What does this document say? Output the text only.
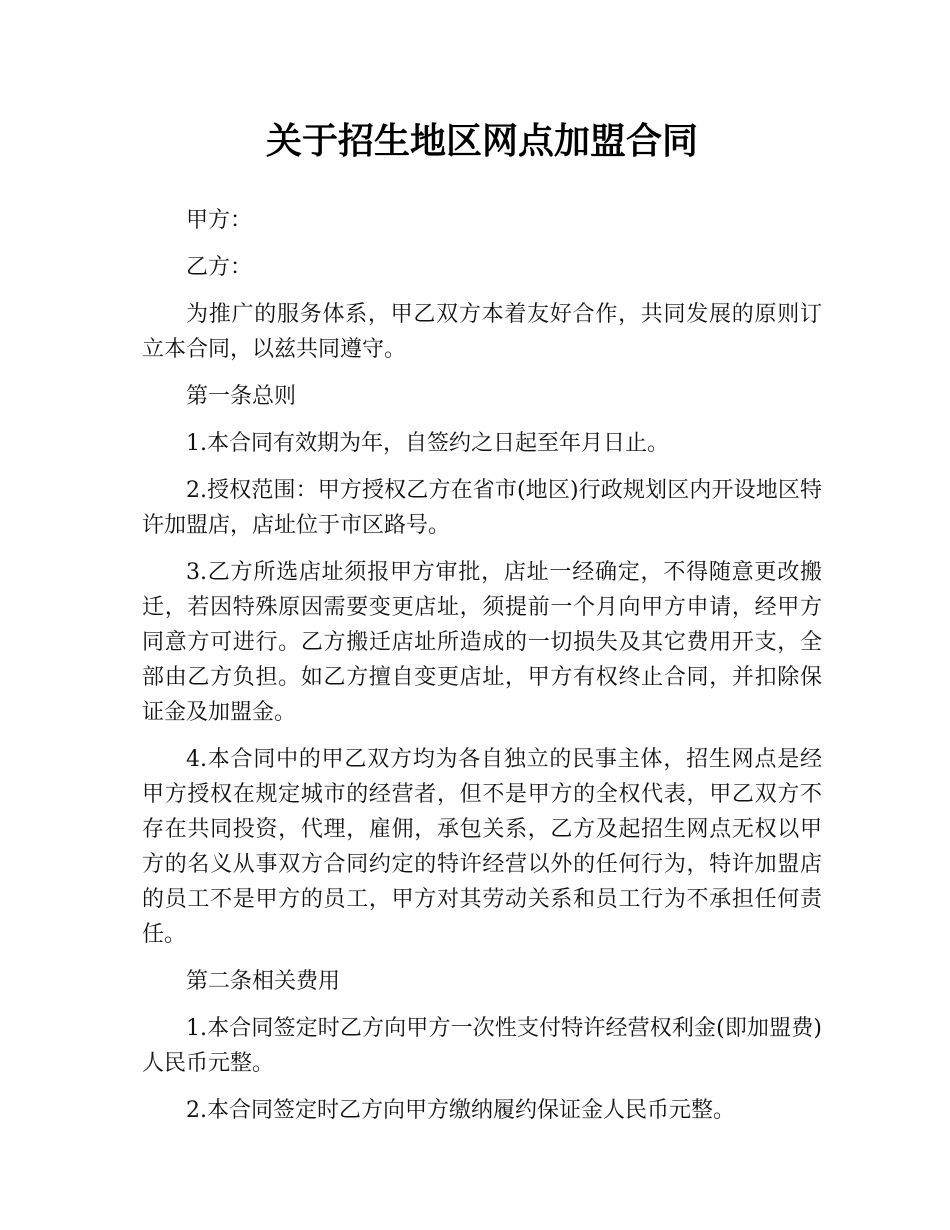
关于招生地区网点加盟合同

甲方：

乙方：

为推广的服务体系，甲乙双方本着友好合作，共同发展的原则订立本合同，以兹共同遵守。

第一条总则

1.本合同有效期为年，自签约之日起至年月日止。

2.授权范围：甲方授权乙方在省市(地区)行政规划区内开设地区特许加盟店，店址位于市区路号。

3.乙方所选店址须报甲方审批，店址一经确定，不得随意更改搬迁，若因特殊原因需要变更店址，须提前一个月向甲方申请，经甲方同意方可进行。乙方搬迁店址所造成的一切损失及其它费用开支，全部由乙方负担。如乙方擅自变更店址，甲方有权终止合同，并扣除保证金及加盟金。

4.本合同中的甲乙双方均为各自独立的民事主体，招生网点是经甲方授权在规定城市的经营者，但不是甲方的全权代表，甲乙双方不存在共同投资，代理，雇佣，承包关系，乙方及起招生网点无权以甲方的名义从事双方合同约定的特许经营以外的任何行为，特许加盟店的员工不是甲方的员工，甲方对其劳动关系和员工行为不承担任何责任。

第二条相关费用

1.本合同签定时乙方向甲方一次性支付特许经营权利金(即加盟费)人民币元整。

2.本合同签定时乙方向甲方缴纳履约保证金人民币元整。
